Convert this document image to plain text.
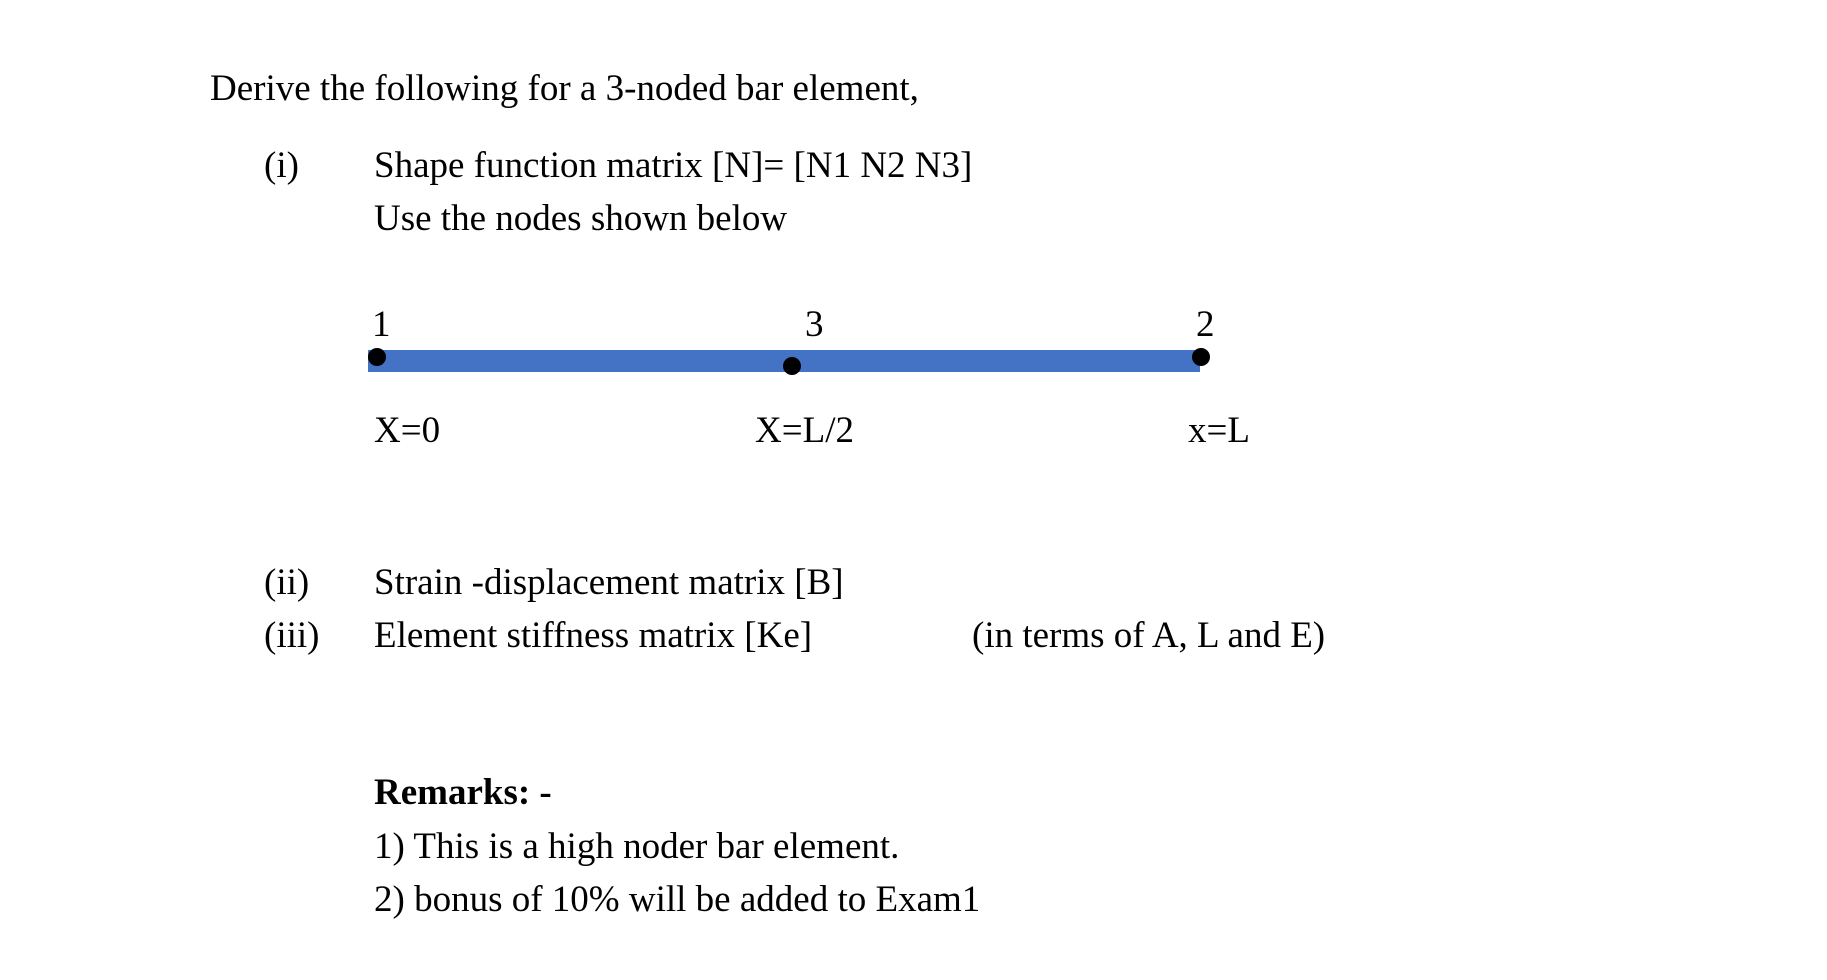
Derive the following for a 3-noded bar element,
(i) Shape function matrix [N]= [N1 N2 N3]
Use the nodes shown below
1	3	2
X=0	X=L/2	x=L
(ii) Strain -displacement matrix [B]
(iii) Element stiffness matrix [Ke]	(in terms of A, L and E)
Remarks: -
1) This is a high noder bar element.
2) bonus of 10% will be added to Exam1
